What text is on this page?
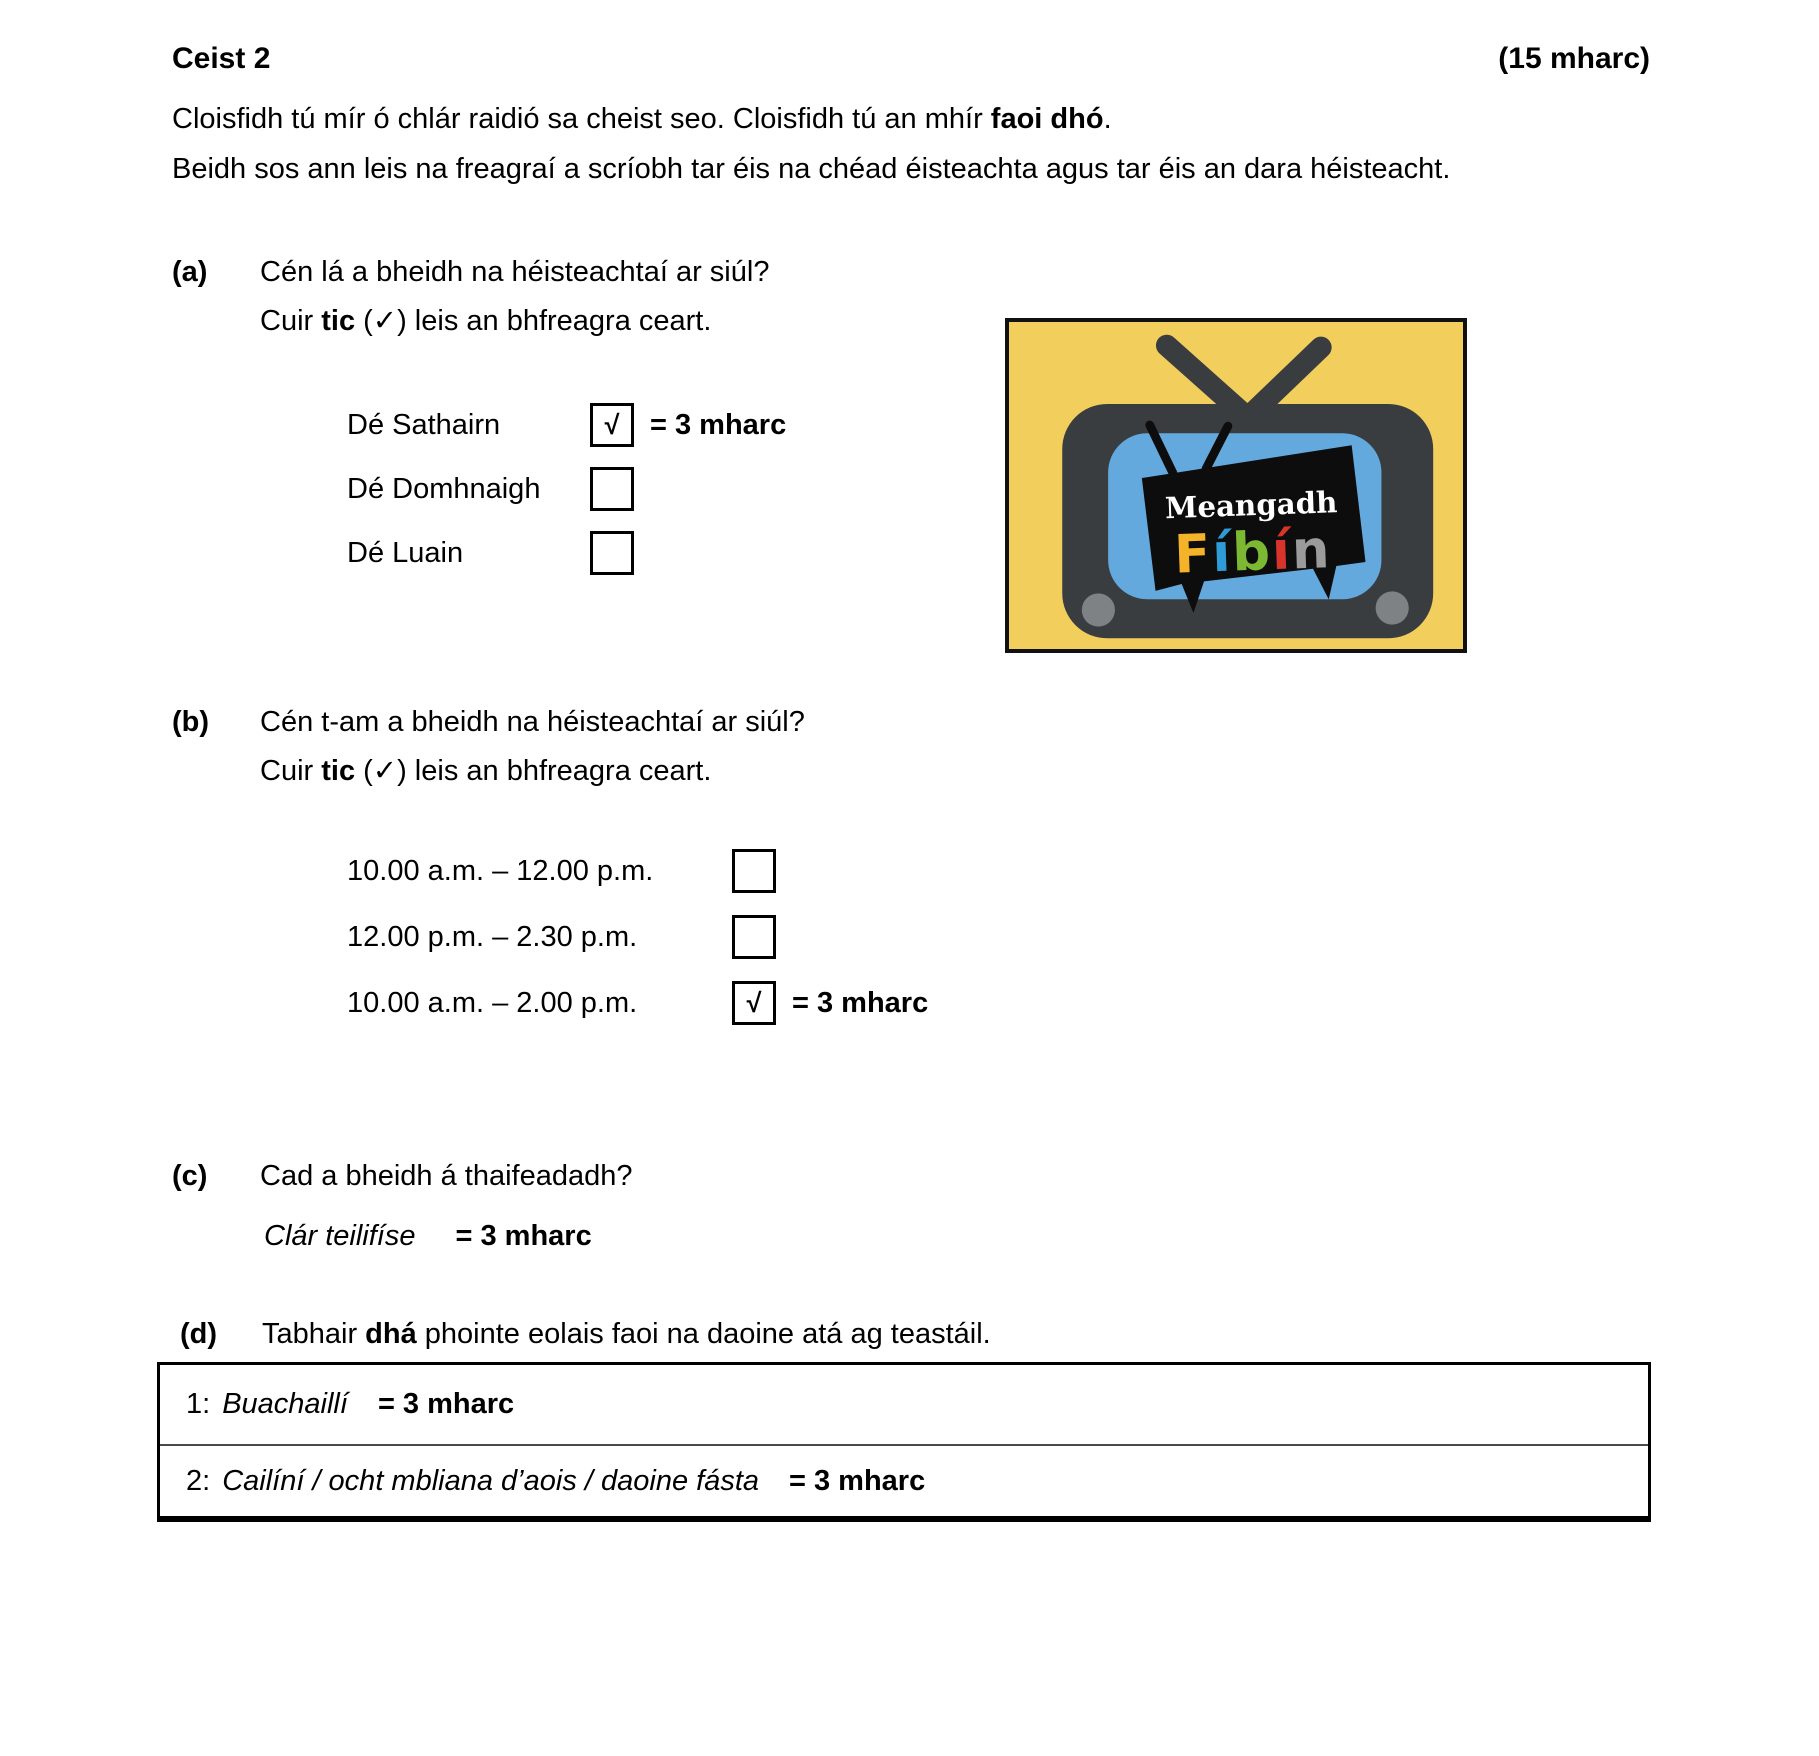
Ceist 2	(15 mharc)

Cloisfidh tú mír ó chlár raidió sa cheist seo. Cloisfidh tú an mhír faoi dhó.

Beidh sos ann leis na freagraí a scríobh tar éis na chéad éisteachta agus tar éis an dara héisteacht.

(a)	Cén lá a bheidh na héisteachtaí ar siúl?
Cuir tic (✓) leis an bhfreagra ceart.
Dé Sathairn	√ = 3 mharc
Dé Domhnaigh
Dé Luain
Meangadh
Fíbín
(b)	Cén t-am a bheidh na héisteachtaí ar siúl?
Cuir tic (✓) leis an bhfreagra ceart.
10.00 a.m. – 12.00 p.m.
12.00 p.m. – 2.30 p.m.
10.00 a.m. – 2.00 p.m.	√ = 3 mharc
(c)	Cad a bheidh á thaifeadadh?
Clár teilifíse = 3 mharc
(d)	Tabhair dhá phointe eolais faoi na daoine atá ag teastáil.
1: Buachaillí = 3 mharc
2: Cailíní / ocht mbliana d’aois / daoine fásta = 3 mharc
